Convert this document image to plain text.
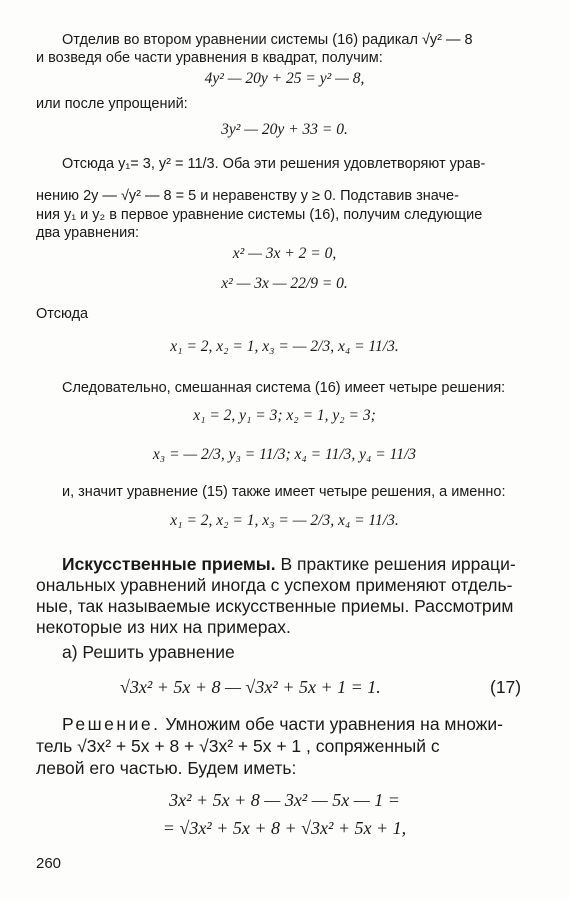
Отделив во втором уравнении системы (16) радикал √y² — 8
и возведя обе части уравнения в квадрат, получим:
4y² — 20y + 25 = y² — 8,
или после упрощений:
3y² — 20y + 33 = 0.
Отсюда y₁= 3, y² = 11/3. Оба эти решения удовлетворяют урав-
нению 2y — √y² — 8 = 5 и неравенству y ≥ 0. Подставив значе-
ния y₁ и y₂ в первое уравнение системы (16), получим следующие
два уравнения:
x² — 3x + 2 = 0,
x² — 3x — 22/9 = 0.
Отсюда
x₁ = 2, x₂ = 1, x₃ = — 2/3, x₄ = 11/3.
Следовательно, смешанная система (16) имеет четыре решения:
x₁ = 2, y₁ = 3; x₂ = 1, y₂ = 3;
x₃ = — 2/3, y₃ = 11/3; x₄ = 11/3, y₄ = 11/3
и, значит уравнение (15) также имеет четыре решения, а именно:
x₁ = 2, x₂ = 1, x₃ = — 2/3, x₄ = 11/3.
Искусственные приемы. В практике решения ирраци-
ональных уравнений иногда с успехом применяют отдель-
ные, так называемые искусственные приемы. Рассмотрим
некоторые из них на примерах.
а) Решить уравнение
√3x² + 5x + 8 — √3x² + 5x + 1 = 1.	(17)
Решение. Умножим обе части уравнения на множи-
тель √3x² + 5x + 8 + √3x² + 5x + 1 , сопряженный с
левой его частью. Будем иметь:
3x² + 5x + 8 — 3x² — 5x — 1 =
= √3x² + 5x + 8 + √3x² + 5x + 1,
260
